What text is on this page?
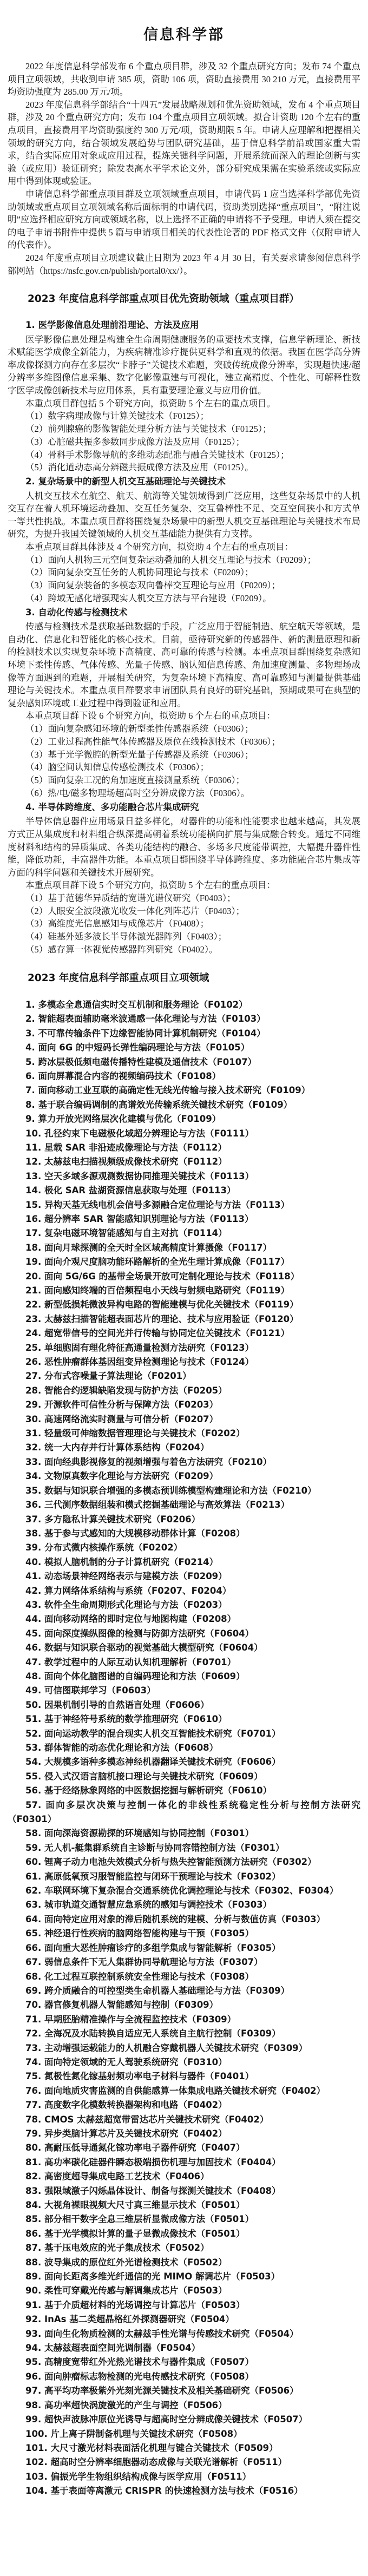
信息科学部
2022 年度信息科学部发布 6 个重点项目群，涉及 32 个重点研究方向；发布 74 个重点项目立项领域，共收到申请 385 项，资助 106 项，资助直接费用 30 210 万元，直接费用平均资助强度为 285.00 万元/项。
2023 年度信息科学部结合“十四五”发展战略规划和优先资助领域，发布 4 个重点项目群，涉及 20 个重点研究方向；发布 104 个重点项目立项领域。拟合计资助 120 个左右的重点项目，直接费用平均资助强度约 300 万元/项，资助期限 5 年。申请人应理解和把握相关领域的研究方向，结合领域发展趋势与团队研究基础，基于信息科学前沿或国家重大需求，结合实际应用对象或应用过程，提炼关键科学问题，开展系统而深入的理论创新与实验（或应用）验证研究；除发表高水平学术论文外，部分研究成果需在实验系统或实际应用中得到体现或验证。
申请信息科学部重点项目群及立项领域重点项目，申请代码 1 应当选择科学部优先资助领域或重点项目立项领域名称后面标明的申请代码，资助类别选择“重点项目”，“附注说明”应选择相应研究方向或领域名称，以上选择不正确的申请将不予受理。申请人须在提交的电子申请书附件中提供 5 篇与申请项目相关的代表性论著的 PDF 格式文件（仅附申请人的代表作）。
2024 年度重点项目立项建议截止日期为 2023 年 4 月 30 日，有关要求请参阅信息科学部网站（https://nsfc.gov.cn/publish/portal0/xx/）。
2023 年度信息科学部重点项目优先资助领域（重点项目群）
1. 医学影像信息处理前沿理论、方法及应用
医学影像信息处理是构建全生命周期健康服务的重要技术支撑，信息学新理论、新技术赋能医学成像全新能力，为疾病精准诊疗提供更科学和直观的依据。我国在医学高分辨率成像探测方向存在多层次“卡脖子”关键技术难题，突破传统成像分辨率，实现超快速/超分辨率多维图像信息采集、数字化影像重建与可视化，建立高精度、个性化、可解释性数字医学成像创新技术与应用体系，具有重要理论意义与应用价值。
本重点项目群包括 5 个研究方向，拟资助 5 个左右的重点项目。
（1）数字病理成像与计算关键技术（F0125）；
（2）前列腺癌的影像智能处理分析方法与关键技术（F0125）；
（3）心脏磁共振多参数同步成像方法及应用（F0125）；
（4）骨科手术影像导航的多维动态配准与融合关键技术（F0125）；
（5）消化道动态高分辨磁共振成像方法及应用（F0125）。
2. 复杂场景中的新型人机交互基础理论与关键技术
人机交互技术在航空、航天、航海等关键领域得到广泛应用，这些复杂场景中的人机交互存在着人机环境运动叠加、交互任务复杂、交互鲁棒性不足、交互空间狭小和方式单一等共性挑战。本重点项目群将围绕复杂场景中的新型人机交互基础理论与关键技术布局研究，为提升我国关键领域的人机交互基础能力提供有力支撑。
本重点项目群具体涉及 4 个研究方向，拟资助 4 个左右的重点项目：
（1）面向人机物三元空间复杂运动叠加的人机交互理论与技术（F0209）；
（2）面向复杂交互任务的人机协同理论与技术（F0209）；
（3）面向复杂装备的多模态双向鲁棒交互理论与应用（F0209）；
（4）跨域无感化增强现实人机交互方法与平台建设（F0209）。
3. 自动化传感与检测技术
传感与检测技术是获取基础数据的手段，广泛应用于智能制造、航空航天等领域，是自动化、信息化和智能化的核心技术。目前，亟待研究新的传感器件、新的测量原理和新的检测技术以实现复杂环境下高精度、高可靠的传感与检测。本重点项目群围绕复杂感知环境下柔性传感、气体传感、光量子传感、脑认知信息传感、角加速度测量、多物理场成像等方面遇到的难题，开展相关研究，为复杂环境下高精度、高可靠感知与测量提供基础理论与关键技术。本重点项目群要求申请团队具有良好的研究基础，预期成果可在典型的复杂感知环境或工业过程中得到验证和应用。
本重点项目群下设 6 个研究方向，拟资助 6 个左右的重点项目：
（1）面向复杂感知环境的新型柔性传感器系统（F0306）；
（2）工业过程高性能气体传感器及原位在线检测技术（F0306）；
（3）基于光学微腔的新型光量子传感器及系统（F0306）；
（4）脑空间认知信息传感检测技术（F0306）；
（5）面向复杂工况的角加速度直接测量系统（F0306）；
（6）热/电/磁多物理场超高时空分辨成像方法（F0306）。
4. 半导体跨维度、多功能融合芯片集成研究
半导体信息器件应用场景日益多样化，对器件的功能和性能要求也越来越高，其发展方式正从集成度和材料组合纵深提高朝着系统功能横向扩展与集成融合转变。通过不同维度材料和结构的异质集成、各类功能结构的融合、多场多尺度能带调控，大幅提升器件性能，降低功耗，丰富器件功能。本重点项目群围绕半导体跨维度、多功能融合芯片集成等方面的科学问题和关键技术开展研究。
本重点项目群下设 5 个研究方向，拟资助 5 个左右的重点项目：
（1）基于范德华异质结的宽谱光谱仪研究（F0403）；
（2）人眼安全波段激光收发一体化列阵芯片（F0403）；
（3）高维度光信息感知与成像芯片（F0408）；
（4）硅基外延多波长半导体激光器阵列（F0403）；
（5）感存算一体视觉传感器阵列研究（F0402）。
2023 年度信息科学部重点项目立项领域
1. 多模态全息通信实时交互机制和服务理论（F0102）
2. 智能超表面辅助毫米波通感一体化理论与方法（F0103）
3. 不可靠传输条件下边缘智能协同计算机制研究（F0104）
4. 面向 6G 的中短码长弹性编码理论与方法（F0105）
5. 跨冰层极低频电磁传播特性建模及通信技术（F0107）
6. 面向屏幕混合内容的视频编码技术（F0108）
7. 面向移动工业互联的高确定性无线光传输与接入技术研究（F0109）
8. 基于联合编码调制的高谱效光传输系统关键技术研究（F0109）
9. 算力开放光网络层次化建模与优化（F0109）
10. 孔径约束下电磁极化域超分辨理论与方法（F0111）
11. 星载 SAR 非沿迹成像理论与方法（F0112）
12. 太赫兹电扫描视频级成像技术研究（F0112）
13. 空天多域多源观测数据协同推理关键技术（F0113）
14. 极化 SAR 盐湖资源信息获取与处理（F0113）
15. 异构天基无线电机会信号多源融合定位理论与方法（F0113）
16. 超分辨率 SAR 智能感知识别理论与方法（F0113）
17. 复杂电磁环境智能感知与自主对抗（F0114）
18. 面向月球探测的全天时全区域高精度计算摄像（F0117）
19. 面向介观尺度脑功能环路解析的全光生理计算成像（F0117）
20. 面向 5G/6G 的基带全场景开放可定制化理论与技术（F0118）
21. 面向感知终端的百倍频程电小天线与射频电路研究（F0119）
22. 新型低损耗微波异构电路的智能建模与优化关键技术（F0119）
23. 太赫兹扫描智能超表面芯片的理论、技术与应用验证（F0120）
24. 超宽带信号的空间光并行传输与协同定位关键技术（F0121）
25. 单细胞固有理化特征高通量检测方法研究（F0123）
26. 恶性肿瘤群体基因组变异检测理论与技术（F0124）
27. 分布式容噪量子算法理论（F0201）
28. 智能合约逻辑缺陷发现与防护方法（F0205）
29. 开源软件可信性分析与保障方法（F0203）
30. 高速网络流实时测量与可信分析（F0207）
31. 轻量级可伸缩数据管理理论与关键技术（F0202）
32. 统一大内存并行计算体系结构（F0204）
33. 面向经典影视修复的视频增强与着色方法研究（F0210）
34. 文物原真数字化理论与方法研究（F0209）
35. 数据与知识联合增强的多模态预训练模型构建理论和方法（F0210）
36. 三代测序数据组装和模式挖掘基础理论与高效算法（F0213）
37. 多方隐私计算关键技术研究（F0206）
38. 基于参与式感知的大规模移动群体计算（F0208）
39. 分布式微内核操作系统（F0202）
40. 模拟人脑机制的分子计算机研究（F0214）
41. 动态场景神经网络表示与建模方法（F0209）
42. 算力网络体系结构与系统（F0207、F0204）
43. 软件全生命周期形式化理论与方法（F0203）
44. 面向移动网络的即时定位与地图构建（F0208）
45. 面向深度操纵图像的检测与防御方法研究（F0604）
46. 数据与知识联合驱动的视觉基础大模型研究（F0604）
47. 教学过程中的人际互动认知机理解析（F0701）
48. 面向个体化脑图谱的自编码理论和方法（F0609）
49. 可信图联邦学习（F0603）
50. 因果机制引导的自然语言处理（F0606）
51. 基于神经符号系统的数学推理研究（F0610）
52. 面向运动教学的混合现实人机交互智能技术研究（F0701）
53. 群体智能的动态优化理论和方法（F0608）
54. 大规模多语种多模态神经机器翻译关键技术研究（F0606）
55. 侵入式汉语言脑机接口理论与关键技术研究（F0609）
56. 基于经络脉象网络的中医数据挖掘与解析研究（F0610）
57. 面向多层次决策与控制一体化的非线性系统稳定性分析与控制方法研究（F0301）
58. 面向深海资源勘探的环境感知与协同控制（F0301）
59. 无人机-艇集群系统自主诊断与协同容错控制方法（F0301）
60. 锂离子动力电池失效模式分析与热失控智能预测方法研究（F0302）
61. 高原低氧预习服智能监控与闭环干预理论与技术（F0302）
62. 车联网环境下复杂混合交通系统优化调控理论与技术（F0302、F0304）
63. 城市轨道交通智慧应急系统的感知与调控技术（F0303）
64. 面向特定应用对象的滞后随机系统的建模、分析与数值仿真（F0303）
65. 神经退行性疾病的脑网络智能构建与干预（F0305）
66. 面向重大恶性肿瘤诊疗的多组学集成与智能解析（F0305）
67. 弱信息条件下无人集群协同导航理论与方法（F0307）
68. 化工过程互联控制系统安全性理论与技术（F0308）
69. 跨介质融合的可控型类生命机器人基础理论与方法（F0309）
70. 器官修复机器人智能感知与控制（F0309）
71. 早期胚胎精准操作与全流程监控技术（F0309）
72. 全海况及水陆转换自适应无人系统自主航行控制（F0309）
73. 主动增强运载能力的人机融合穿戴机器人关键技术研究（F0309）
74. 面向特定领域的无人驾驶系统研究（F0310）
75. 氮极性氮化镓基射频功率电子材料与器件（F0401）
76. 面向地质灾害监测的自供能感算一体集成电路关键技术研究（F0402）
77. 高度数字化模数转换器架构和电路（F0402）
78. CMOS 太赫兹超宽带雷达芯片关键技术研究（F0402）
79. 异步类脑计算芯片及关键技术研究（F0402）
80. 高耐压低导通氮化镓功率电子器件研究（F0407）
81. 高功率碳化硅器件瞬态极端损伤机理与加固技术（F0404）
82. 高密度超导集成电路工艺技术（F0406）
83. 强限域激子闪烁晶体设计、制备与探测关键技术（F0408）
84. 大视角裸眼视频大尺寸真三维显示技术（F0501）
85. 部分相干数字全息三维层析显微成像方法（F0501）
86. 基于光学模拟计算的量子显微成像技术（F0501）
87. 基于压电效应的光子集成技术（F0502）
88. 波导集成的原位红外光谱检测技术（F0502）
89. 面向长距离多维光纤通信的光 MIMO 解调芯片（F0503）
90. 柔性可穿戴光传感与解调集成芯片（F0503）
91. 基于介质超材料的光场调控与计算芯片（F0503）
92. InAs 基二类超晶格红外探测器研究（F0504）
93. 面向生化物质检测的太赫兹手性光谱与传感技术研究（F0504）
94. 太赫兹超表面空间光调制器（F0504）
95. 高精度宽带红外光热光谱技术与器件集成（F0507）
96. 面向肿瘤标志物检测的光电传感技术研究（F0508）
97. 高平均功率极紫外光刻光源关键技术及相关基础研究（F0506）
98. 高功率超快涡旋激光的产生与调控（F0506）
99. 超快声波脉冲原位光诱导与超高时空分辨成像关键技术（F0507）
100. 片上离子阱制备机理与关键技术研究（F0508）
101. 大尺寸激光材料表面活化机理与键合关键技术（F0509）
102. 超高时空分辨率细胞器动态成像与关联光谱解析（F0511）
103. 偏振光学生物组织结构成像与医学应用（F0511）
104. 基于表面等离激元 CRISPR 的快速检测方法与技术（F0516）
